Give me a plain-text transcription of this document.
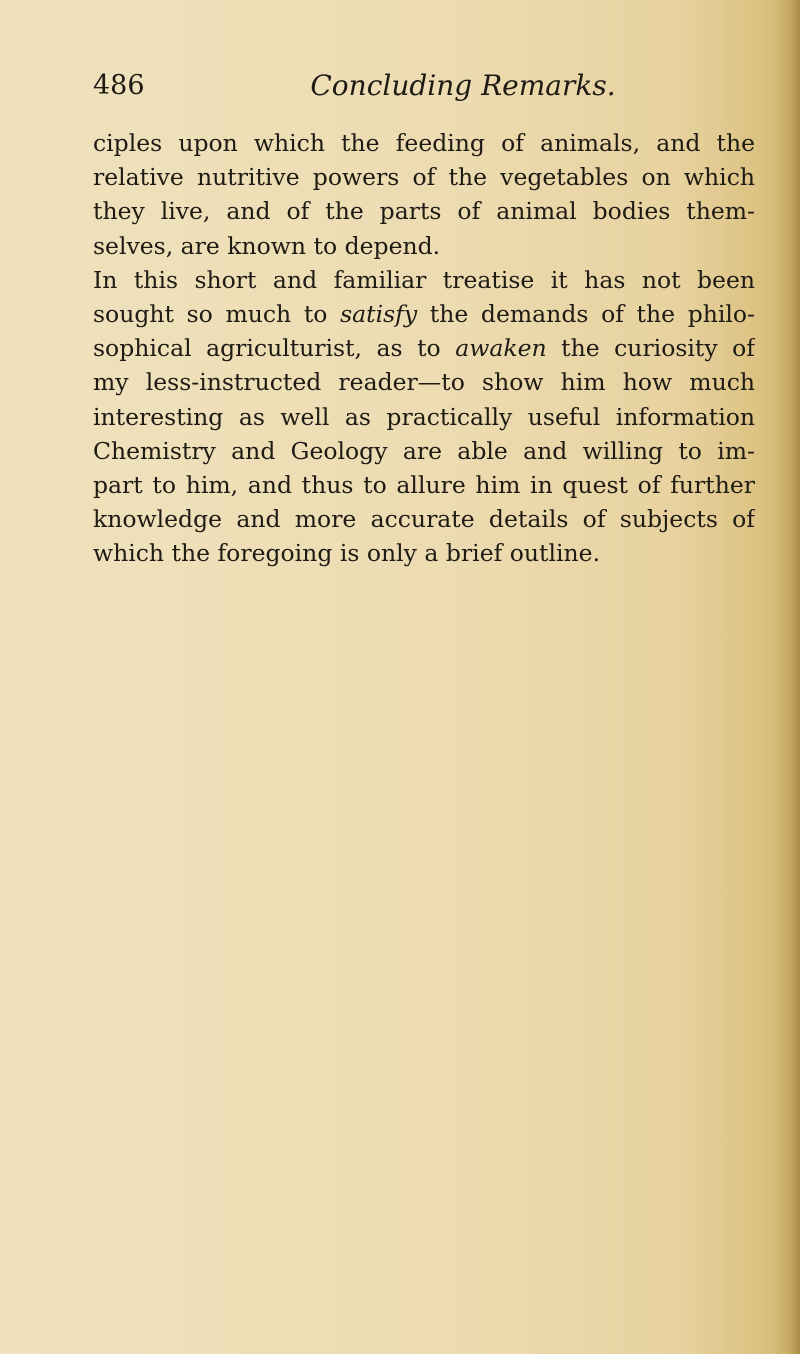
486	Concluding Remarks.
ciples upon which the feeding of animals, and the
relative nutritive powers of the vegetables on which
they live, and of the parts of animal bodies them-
selves, are known to depend.
In this short and familiar treatise it has not been
sought so much to satisfy the demands of the philo-
sophical agriculturist, as to awaken the curiosity of
my less-instructed reader—to show him how much
interesting as well as practically useful information
Chemistry and Geology are able and willing to im-
part to him, and thus to allure him in quest of further
knowledge and more accurate details of subjects of
which the foregoing is only a brief outline.
